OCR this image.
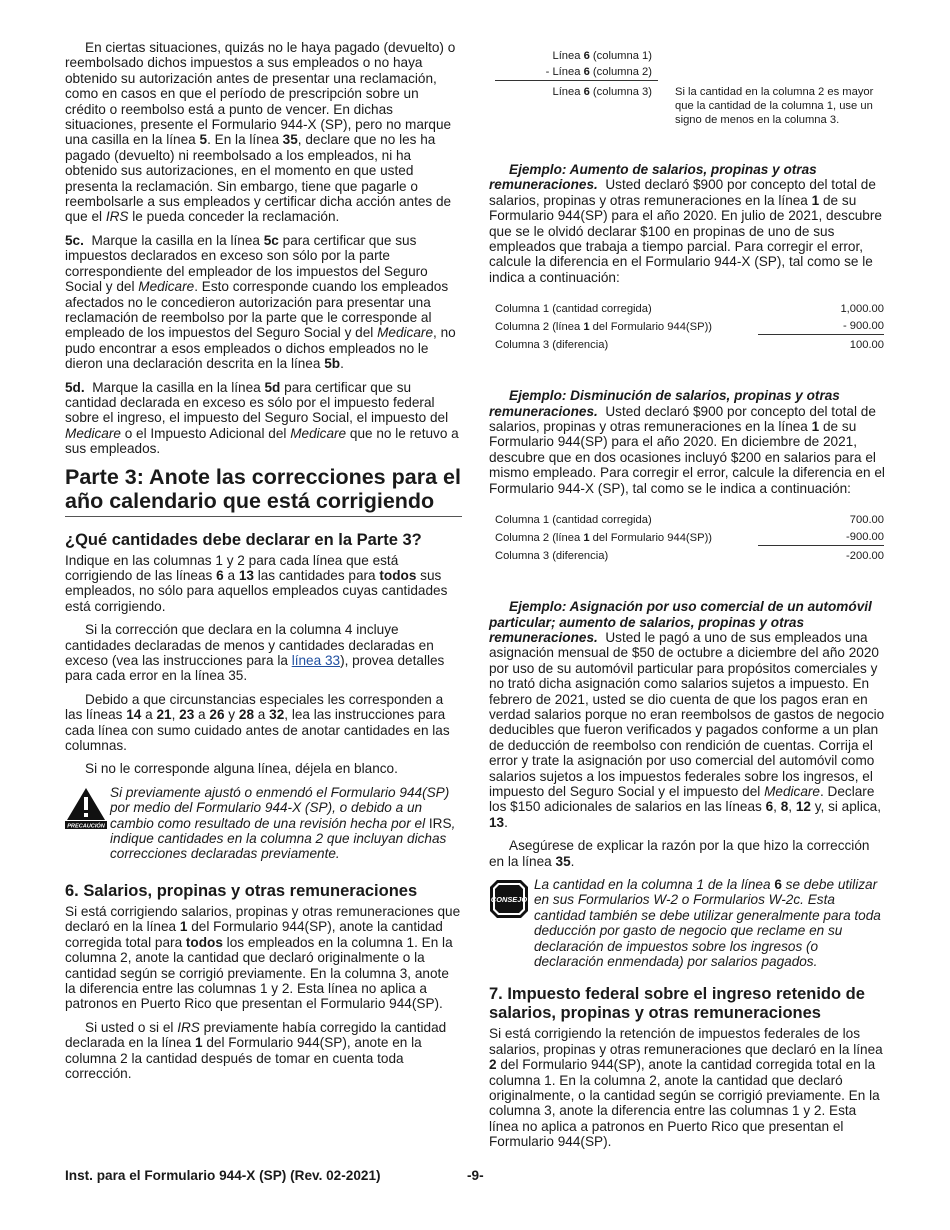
En ciertas situaciones, quizás no le haya pagado (devuelto) o reembolsado dichos impuestos a sus empleados o no haya obtenido su autorización antes de presentar una reclamación, como en casos en que el período de prescripción sobre un crédito o reembolso está a punto de vencer. En dichas situaciones, presente el Formulario 944-X (SP), pero no marque una casilla en la línea 5. En la línea 35, declare que no les ha pagado (devuelto) ni reembolsado a los empleados, ni ha obtenido sus autorizaciones, en el momento en que usted presenta la reclamación. Sin embargo, tiene que pagarle o reembolsarle a sus empleados y certificar dicha acción antes de que el IRS le pueda conceder la reclamación.

5c.  Marque la casilla en la línea 5c para certificar que sus impuestos declarados en exceso son sólo por la parte correspondiente del empleador de los impuestos del Seguro Social y del Medicare. Esto corresponde cuando los empleados afectados no le concedieron autorización para presentar una reclamación de reembolso por la parte que le corresponde al empleado de los impuestos del Seguro Social y del Medicare, no pudo encontrar a esos empleados o dichos empleados no le dieron una declaración descrita en la línea 5b.

5d.  Marque la casilla en la línea 5d para certificar que su cantidad declarada en exceso es sólo por el impuesto federal sobre el ingreso, el impuesto del Seguro Social, el impuesto del Medicare o el Impuesto Adicional del Medicare que no le retuvo a sus empleados.

Parte 3: Anote las correcciones para el año calendario que está corrigiendo
¿Qué cantidades debe declarar en la Parte 3?

Indique en las columnas 1 y 2 para cada línea que está corrigiendo de las líneas 6 a 13 las cantidades para todos sus empleados, no sólo para aquellos empleados cuyas cantidades está corrigiendo.

Si la corrección que declara en la columna 4 incluye cantidades declaradas de menos y cantidades declaradas en exceso (vea las instrucciones para la línea 33), provea detalles para cada error en la línea 35.

Debido a que circunstancias especiales les corresponden a las líneas 14 a 21, 23 a 26 y 28 a 32, lea las instrucciones para cada línea con sumo cuidado antes de anotar cantidades en las columnas.

Si no le corresponde alguna línea, déjela en blanco.

PRECAUCIÓN
Si previamente ajustó o enmendó el Formulario 944(SP) por medio del Formulario 944-X (SP), o debido a un cambio como resultado de una revisión hecha por el IRS, indique cantidades en la columna 2 que incluyan dichas correcciones declaradas previamente.
6. Salarios, propinas y otras remuneraciones

Si está corrigiendo salarios, propinas y otras remuneraciones que declaró en la línea 1 del Formulario 944(SP), anote la cantidad corregida total para todos los empleados en la columna 1. En la columna 2, anote la cantidad que declaró originalmente o la cantidad según se corrigió previamente. En la columna 3, anote la diferencia entre las columnas 1 y 2. Esta línea no aplica a patronos en Puerto Rico que presentan el Formulario 944(SP).

Si usted o si el IRS previamente había corregido la cantidad declarada en la línea 1 del Formulario 944(SP), anote en la columna 2 la cantidad después de tomar en cuenta toda corrección.

Línea 6 (columna 1)
- Línea 6 (columna 2)
Línea 6 (columna 3) Si la cantidad en la columna 2 es mayor que la cantidad de la columna 1, use un signo de menos en la columna 3.

Ejemplo: Aumento de salarios, propinas y otras remuneraciones.  Usted declaró $900 por concepto del total de salarios, propinas y otras remuneraciones en la línea 1 de su Formulario 944(SP) para el año 2020. En julio de 2021, descubre que se le olvidó declarar $100 en propinas de uno de sus empleados que trabaja a tiempo parcial. Para corregir el error, calcule la diferencia en el Formulario 944-X (SP), tal como se le indica a continuación:

Columna 1 (cantidad corregida)	1,000.00
Columna 2 (línea 1 del Formulario 944(SP))	- 900.00
Columna 3 (diferencia)	100.00

Ejemplo: Disminución de salarios, propinas y otras remuneraciones.  Usted declaró $900 por concepto del total de salarios, propinas y otras remuneraciones en la línea 1 de su Formulario 944(SP) para el año 2020. En diciembre de 2021, descubre que en dos ocasiones incluyó $200 en salarios para el mismo empleado. Para corregir el error, calcule la diferencia en el Formulario 944-X (SP), tal como se le indica a continuación:

Columna 1 (cantidad corregida)	700.00
Columna 2 (línea 1 del Formulario 944(SP))	-900.00
Columna 3 (diferencia)	-200.00

Ejemplo: Asignación por uso comercial de un automóvil particular; aumento de salarios, propinas y otras remuneraciones.  Usted le pagó a uno de sus empleados una asignación mensual de $50 de octubre a diciembre del año 2020 por uso de su automóvil particular para propósitos comerciales y no trató dicha asignación como salarios sujetos a impuesto. En febrero de 2021, usted se dio cuenta de que los pagos eran en verdad salarios porque no eran reembolsos de gastos de negocio deducibles que fueron verificados y pagados conforme a un plan de deducción de reembolso con rendición de cuentas. Corrija el error y trate la asignación por uso comercial del automóvil como salarios sujetos a los impuestos federales sobre los ingresos, el impuesto del Seguro Social y el impuesto del Medicare. Declare los $150 adicionales de salarios en las líneas 6, 8, 12 y, si aplica, 13.

Asegúrese de explicar la razón por la que hizo la corrección en la línea 35.

CONSEJO
La cantidad en la columna 1 de la línea 6 se debe utilizar en sus Formularios W-2 o Formularios W-2c. Esta cantidad también se debe utilizar generalmente para toda deducción por gasto de negocio que reclame en su declaración de impuestos sobre los ingresos (o declaración enmendada) por salarios pagados.
7. Impuesto federal sobre el ingreso retenido de salarios, propinas y otras remuneraciones

Si está corrigiendo la retención de impuestos federales de los salarios, propinas y otras remuneraciones que declaró en la línea 2 del Formulario 944(SP), anote la cantidad corregida total en la columna 1. En la columna 2, anote la cantidad que declaró originalmente, o la cantidad según se corrigió previamente. En la columna 3, anote la diferencia entre las columnas 1 y 2. Esta línea no aplica a patronos en Puerto Rico que presentan el Formulario 944(SP).

Inst. para el Formulario 944-X (SP) (Rev. 02-2021)	-9-
